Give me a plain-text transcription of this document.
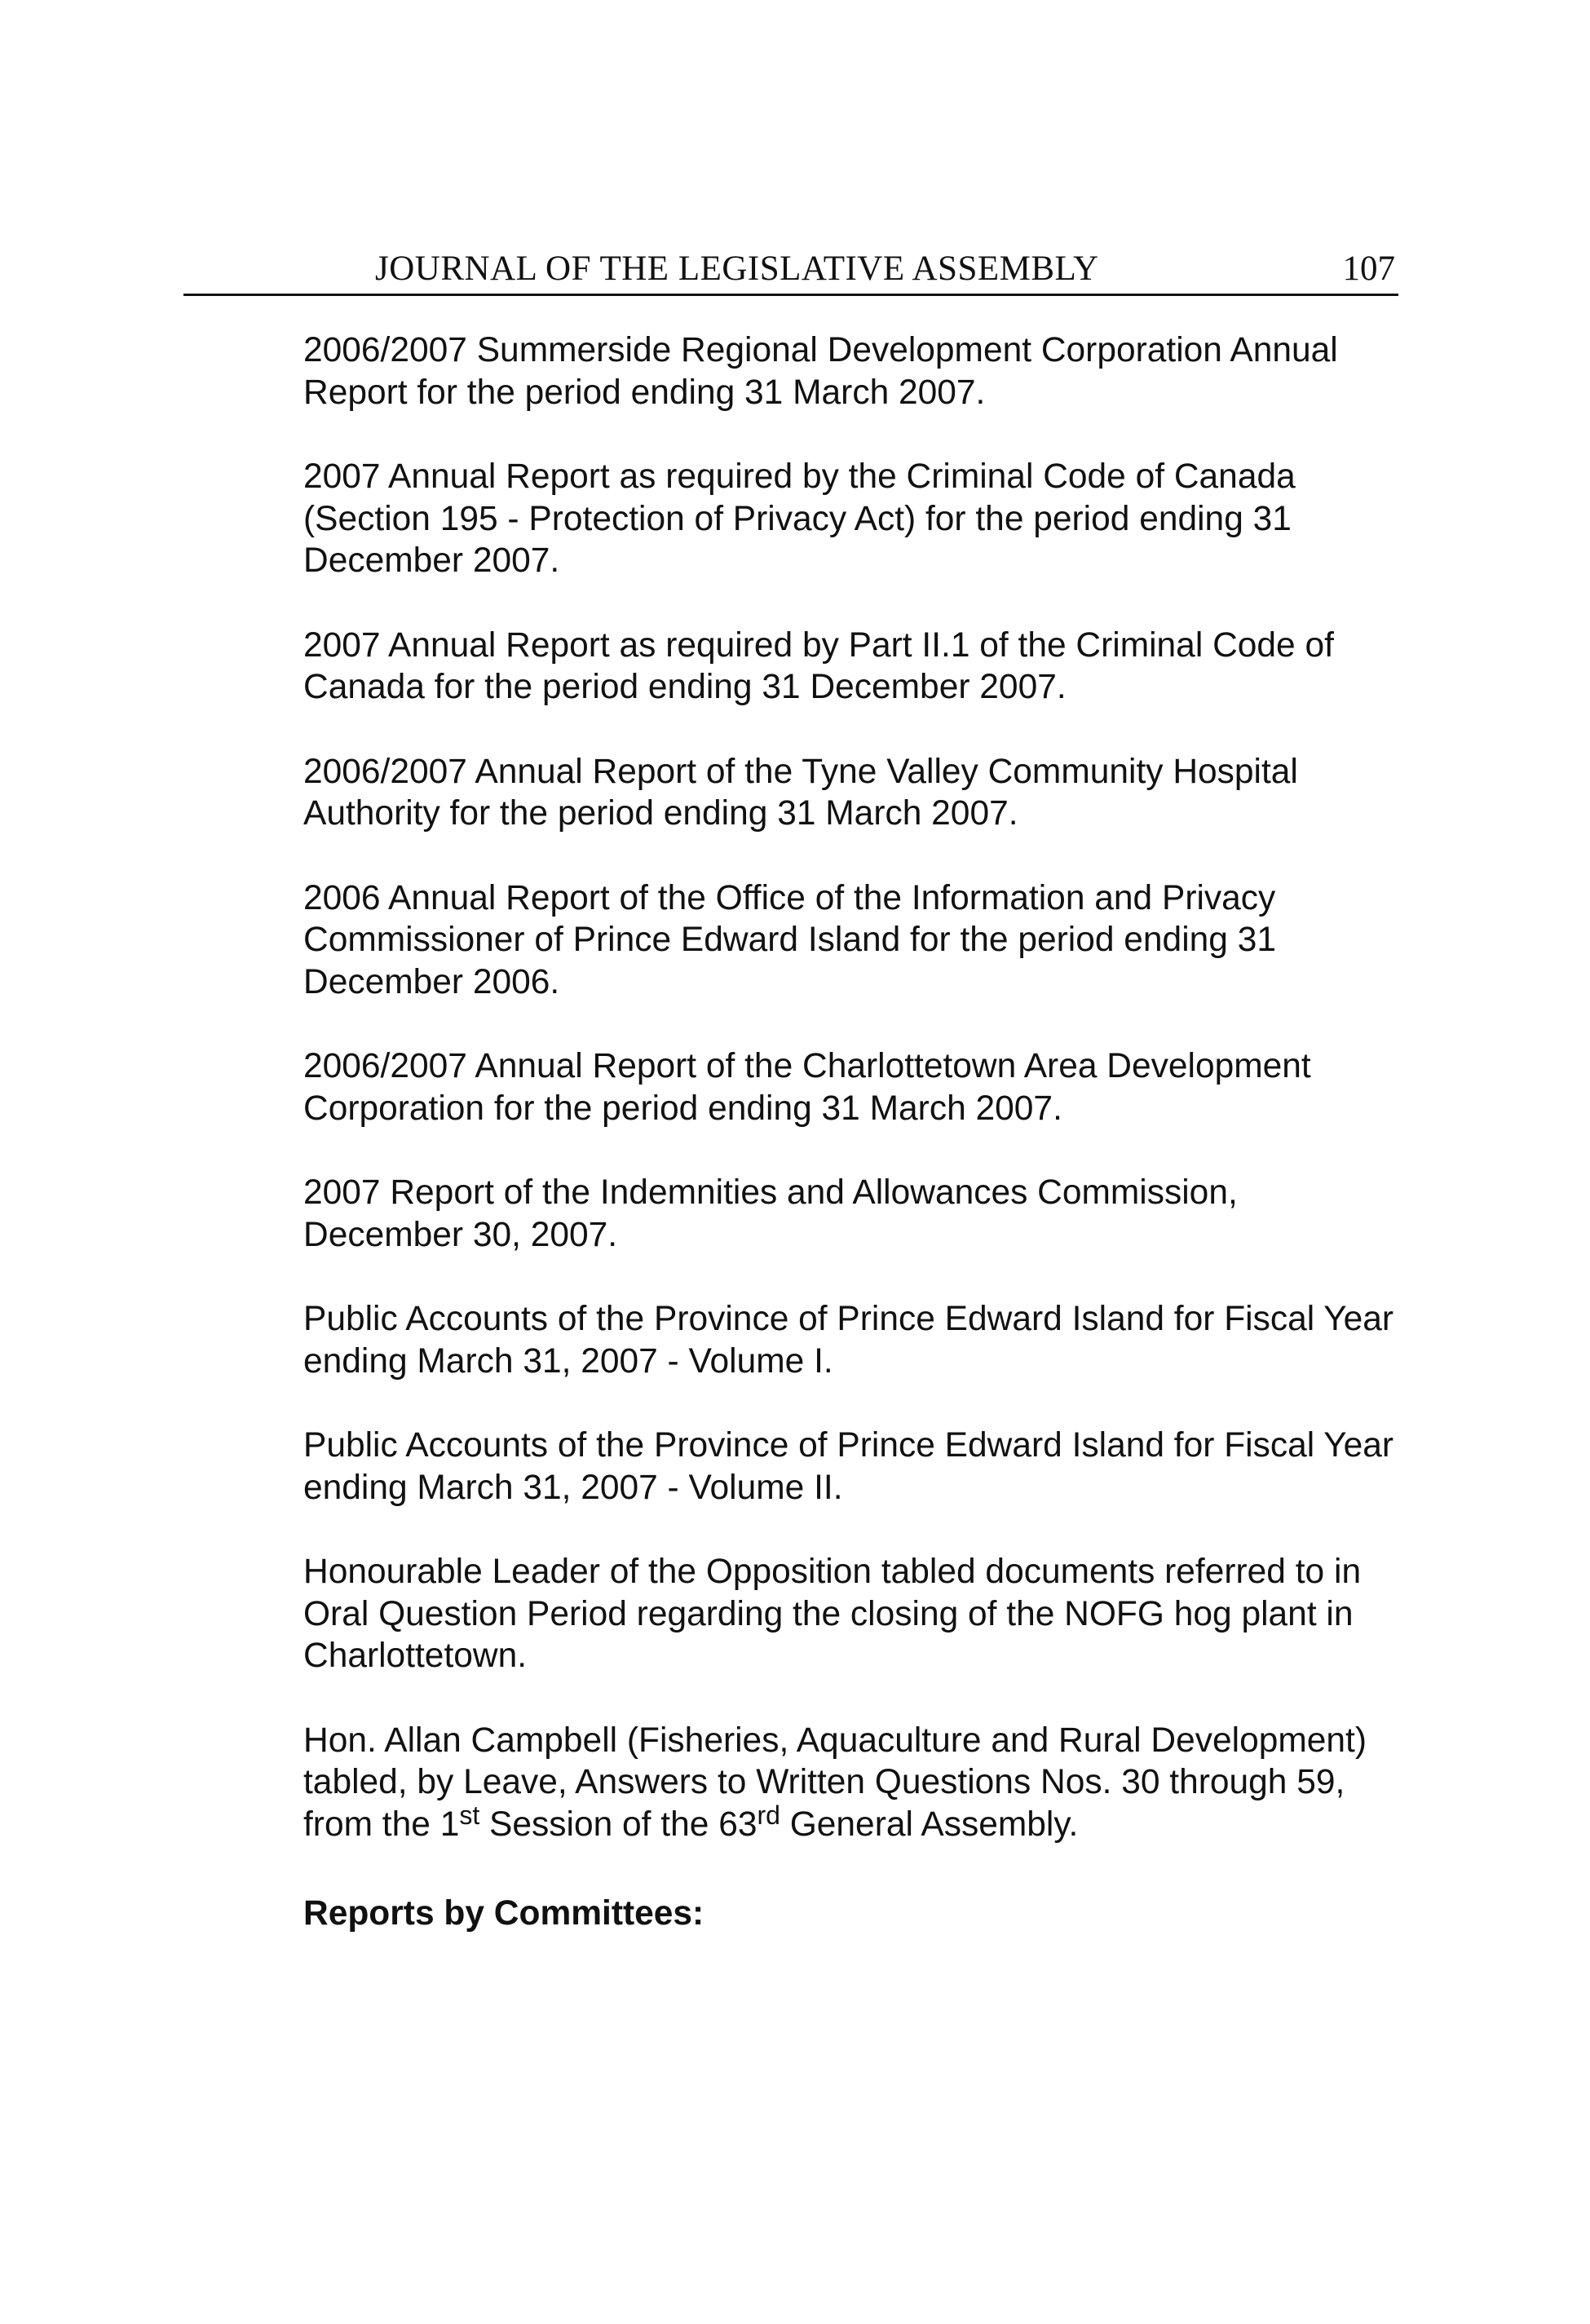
JOURNAL OF THE LEGISLATIVE ASSEMBLY	107

2006/2007 Summerside Regional Development Corporation Annual Report for the period ending 31 March 2007.

2007 Annual Report as required by the Criminal Code of Canada (Section 195 - Protection of Privacy Act) for the period ending 31 December 2007.

2007 Annual Report as required by Part II.1 of the Criminal Code of Canada for the period ending 31 December 2007.

2006/2007 Annual Report of the Tyne Valley Community Hospital Authority for the period ending 31 March 2007.

2006 Annual Report of the Office of the Information and Privacy Commissioner of Prince Edward Island for the period ending 31 December 2006.

2006/2007 Annual Report of the Charlottetown Area Development Corporation for the period ending 31 March 2007.

2007 Report of the Indemnities and Allowances Commission, December 30, 2007.

Public Accounts of the Province of Prince Edward Island for Fiscal Year ending March 31, 2007 - Volume I.

Public Accounts of the Province of Prince Edward Island for Fiscal Year ending March 31, 2007 - Volume II.

Honourable Leader of the Opposition tabled documents referred to in Oral Question Period regarding the closing of the NOFG hog plant in Charlottetown.

Hon. Allan Campbell (Fisheries, Aquaculture and Rural Development) tabled, by Leave, Answers to Written Questions Nos. 30 through 59, from the 1st Session of the 63rd General Assembly.

Reports by Committees:
